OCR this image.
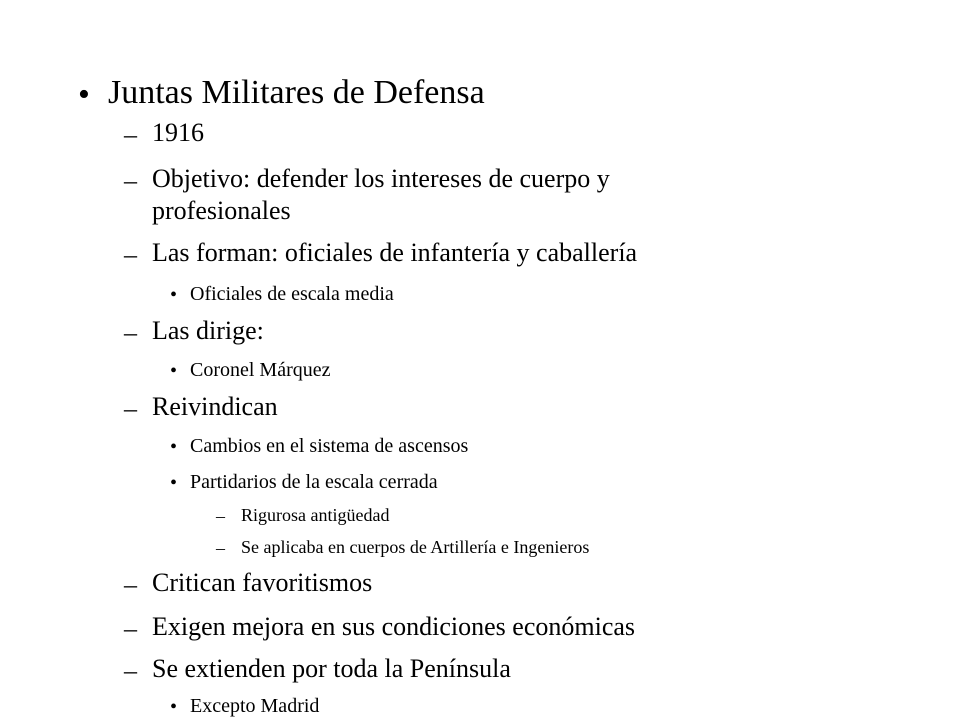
• Juntas Militares de Defensa
– 1916
– Objetivo: defender los intereses de cuerpo y
profesionales
– Las forman: oficiales de infantería y caballería
• Oficiales de escala media
– Las dirige:
• Coronel Márquez
– Reivindican
• Cambios en el sistema de ascensos
• Partidarios de la escala cerrada
– Rigurosa antigüedad
– Se aplicaba en cuerpos de Artillería e Ingenieros
– Critican favoritismos
– Exigen mejora en sus condiciones económicas
– Se extienden por toda la Península
• Excepto Madrid
